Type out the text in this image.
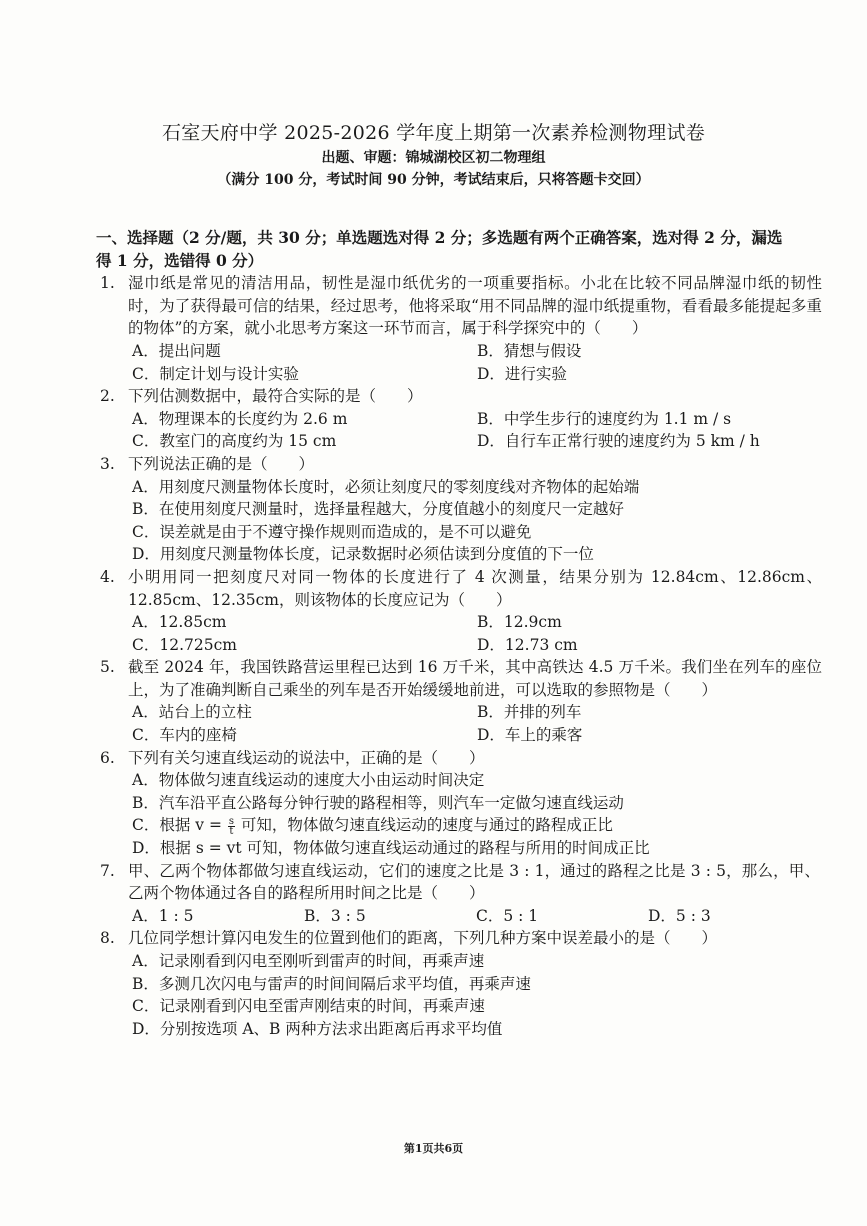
石室天府中学 2025-2026 学年度上期第一次素养检测物理试卷
出题、审题：锦城湖校区初二物理组
（满分 100 分，考试时间 90 分钟，考试结束后，只将答题卡交回）
一、选择题（2 分/题，共 30 分；单选题选对得 2 分；多选题有两个正确答案，选对得 2 分，漏选得 1 分，选错得 0 分）
1. 湿巾纸是常见的清洁用品，韧性是湿巾纸优劣的一项重要指标。小北在比较不同品牌湿巾纸的韧性时，为了获得最可信的结果，经过思考，他将采取“用不同品牌的湿巾纸提重物，看看最多能提起多重的物体”的方案，就小北思考方案这一环节而言，属于科学探究中的（　　）
A．提出问题	B．猜想与假设
C．制定计划与设计实验	D．进行实验
2. 下列估测数据中，最符合实际的是（　　）
A．物理课本的长度约为 2.6 m	B．中学生步行的速度约为 1.1 m / s
C．教室门的高度约为 15 cm	D．自行车正常行驶的速度约为 5 km / h
3. 下列说法正确的是（　　）
A．用刻度尺测量物体长度时，必须让刻度尺的零刻度线对齐物体的起始端
B．在使用刻度尺测量时，选择量程越大，分度值越小的刻度尺一定越好
C．误差就是由于不遵守操作规则而造成的，是不可以避免
D．用刻度尺测量物体长度，记录数据时必须估读到分度值的下一位
4. 小明用同一把刻度尺对同一物体的长度进行了 4 次测量，结果分别为 12.84cm、12.86cm、12.85cm、12.35cm，则该物体的长度应记为（　　）
A．12.85cm	B．12.9cm
C．12.725cm	D．12.73 cm
5. 截至 2024 年，我国铁路营运里程已达到 16 万千米，其中高铁达 4.5 万千米。我们坐在列车的座位上，为了准确判断自己乘坐的列车是否开始缓缓地前进，可以选取的参照物是（　　）
A．站台上的立柱	B．并排的列车
C．车内的座椅	D．车上的乘客
6. 下列有关匀速直线运动的说法中，正确的是（　　）
A．物体做匀速直线运动的速度大小由运动时间决定
B．汽车沿平直公路每分钟行驶的路程相等，则汽车一定做匀速直线运动
C．根据 $v = \frac{s}{t}$ 可知，物体做匀速直线运动的速度与通过的路程成正比
D．根据 s = vt 可知，物体做匀速直线运动通过的路程与所用的时间成正比
7. 甲、乙两个物体都做匀速直线运动，它们的速度之比是 3 : 1，通过的路程之比是 3 : 5，那么，甲、乙两个物体通过各自的路程所用时间之比是（　　）
A．1 : 5	B．3 : 5	C．5 : 1	D．5 : 3
8. 几位同学想计算闪电发生的位置到他们的距离，下列几种方案中误差最小的是（　　）
A．记录刚看到闪电至刚听到雷声的时间，再乘声速
B．多测几次闪电与雷声的时间间隔后求平均值，再乘声速
C．记录刚看到闪电至雷声刚结束的时间，再乘声速
D．分别按选项 A、B 两种方法求出距离后再求平均值
第1页共6页
